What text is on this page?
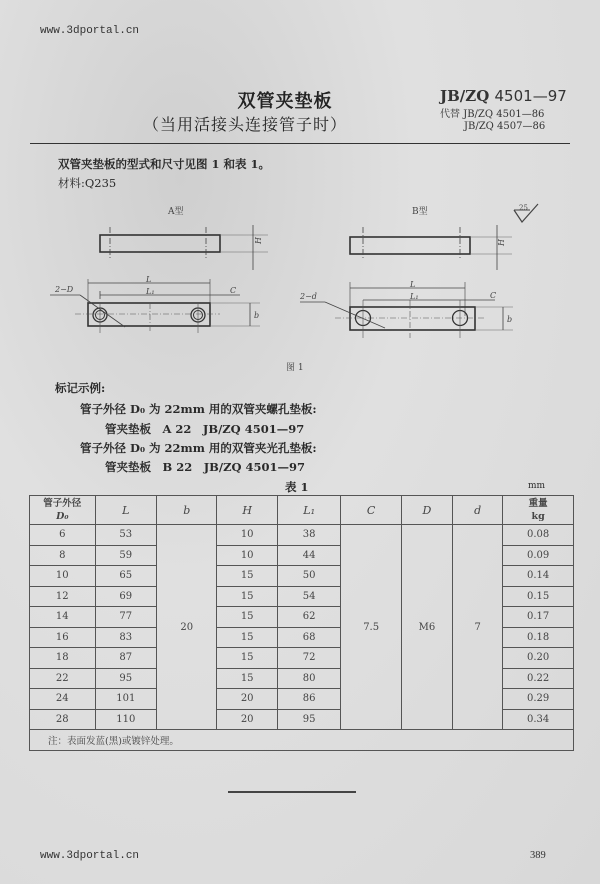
www.3dportal.cn
双管夹垫板
（当用活接头连接管子时）
JB/ZQ 4501—97
代替 JB/ZQ 4501—86
JB/ZQ 4507—86
双管夹垫板的型式和尺寸见图 1 和表 1。
材料:Q235
A型	B型	25
H	H
L
L₁	C
b
2−D
L
L₁	C
b
2−d
图 1
标记示例:
管子外径 D₀ 为 22mm 用的双管夹螺孔垫板:
管夹垫板　A 22　JB/ZQ 4501—97
管子外径 D₀ 为 22mm 用的双管夹光孔垫板:
管夹垫板　B 22　JB/ZQ 4501—97
表 1	mm
管子外径
D₀	L	b	H	L₁	C	D	d	重量
kg
6	53	20	10	38	7.5	M6	7	0.08
8	59		10	44				0.09
10	65		15	50				0.14
12	69		15	54				0.15
14	77		15	62				0.17
16	83		15	68				0.18
18	87		15	72				0.20
22	95		15	80				0.22
24	101		20	86				0.29
28	110		20	95				0.34
注：表面发蓝(黑)或镀锌处理。								
www.3dportal.cn	389
